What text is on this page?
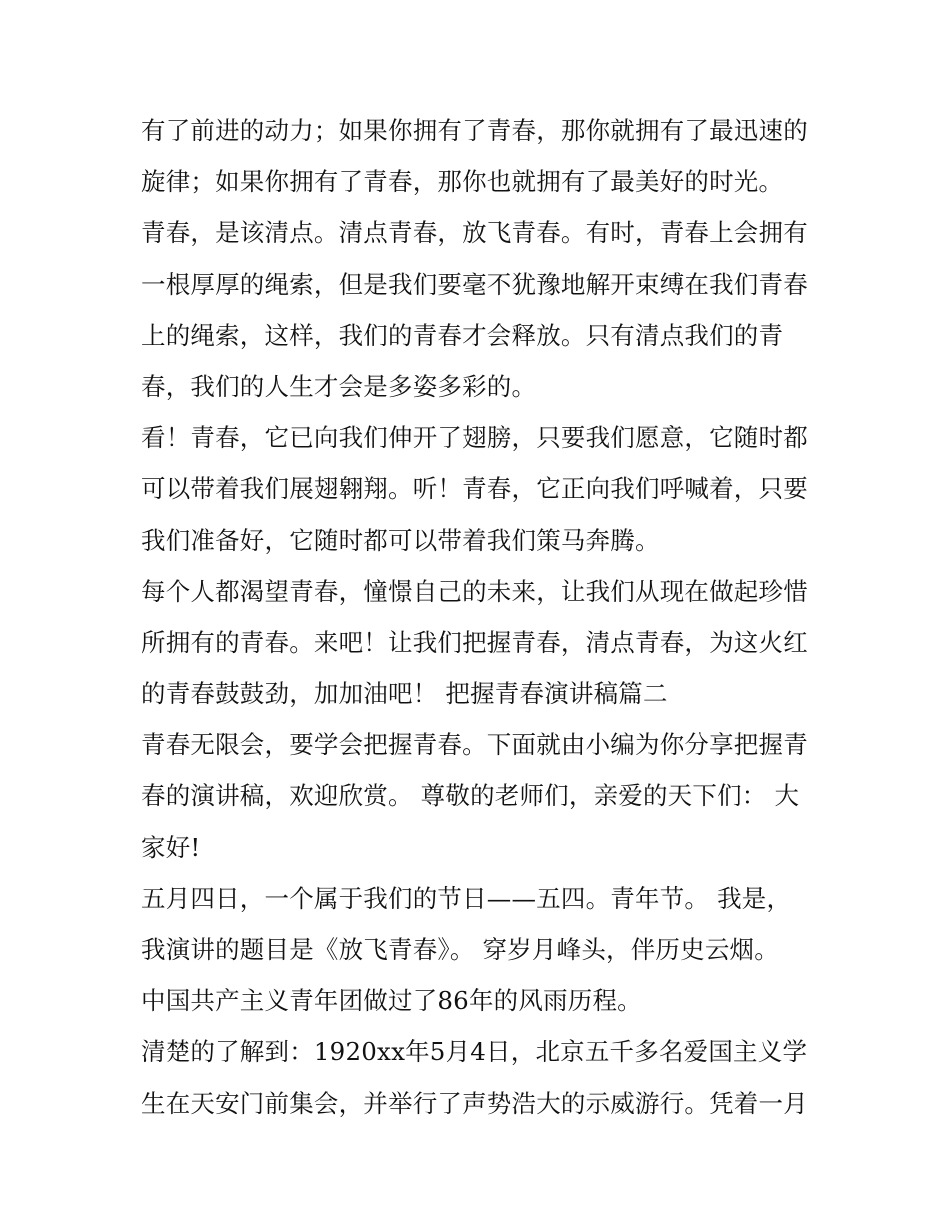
有了前进的动力；如果你拥有了青春，那你就拥有了最迅速的
旋律；如果你拥有了青春，那你也就拥有了最美好的时光。
青春，是该清点。清点青春，放飞青春。有时，青春上会拥有
一根厚厚的绳索，但是我们要毫不犹豫地解开束缚在我们青春
上的绳索，这样，我们的青春才会释放。只有清点我们的青
春，我们的人生才会是多姿多彩的。
看！青春，它已向我们伸开了翅膀，只要我们愿意，它随时都
可以带着我们展翅翱翔。听！青春，它正向我们呼喊着，只要
我们准备好，它随时都可以带着我们策马奔腾。
每个人都渴望青春，憧憬自己的未来，让我们从现在做起珍惜
所拥有的青春。来吧！让我们把握青春，清点青春，为这火红
的青春鼓鼓劲，加加油吧！ 把握青春演讲稿篇二
青春无限会，要学会把握青春。下面就由小编为你分享把握青
春的演讲稿，欢迎欣赏。 尊敬的老师们，亲爱的天下们： 大
家好!
五月四日，一个属于我们的节日——五四。青年节。 我是，
我演讲的题目是《放飞青春》。 穿岁月峰头，伴历史云烟。
中国共产主义青年团做过了86年的风雨历程。
清楚的了解到：1920xx年5月4日，北京五千多名爱国主义学
生在天安门前集会，并举行了声势浩大的示威游行。凭着一月
